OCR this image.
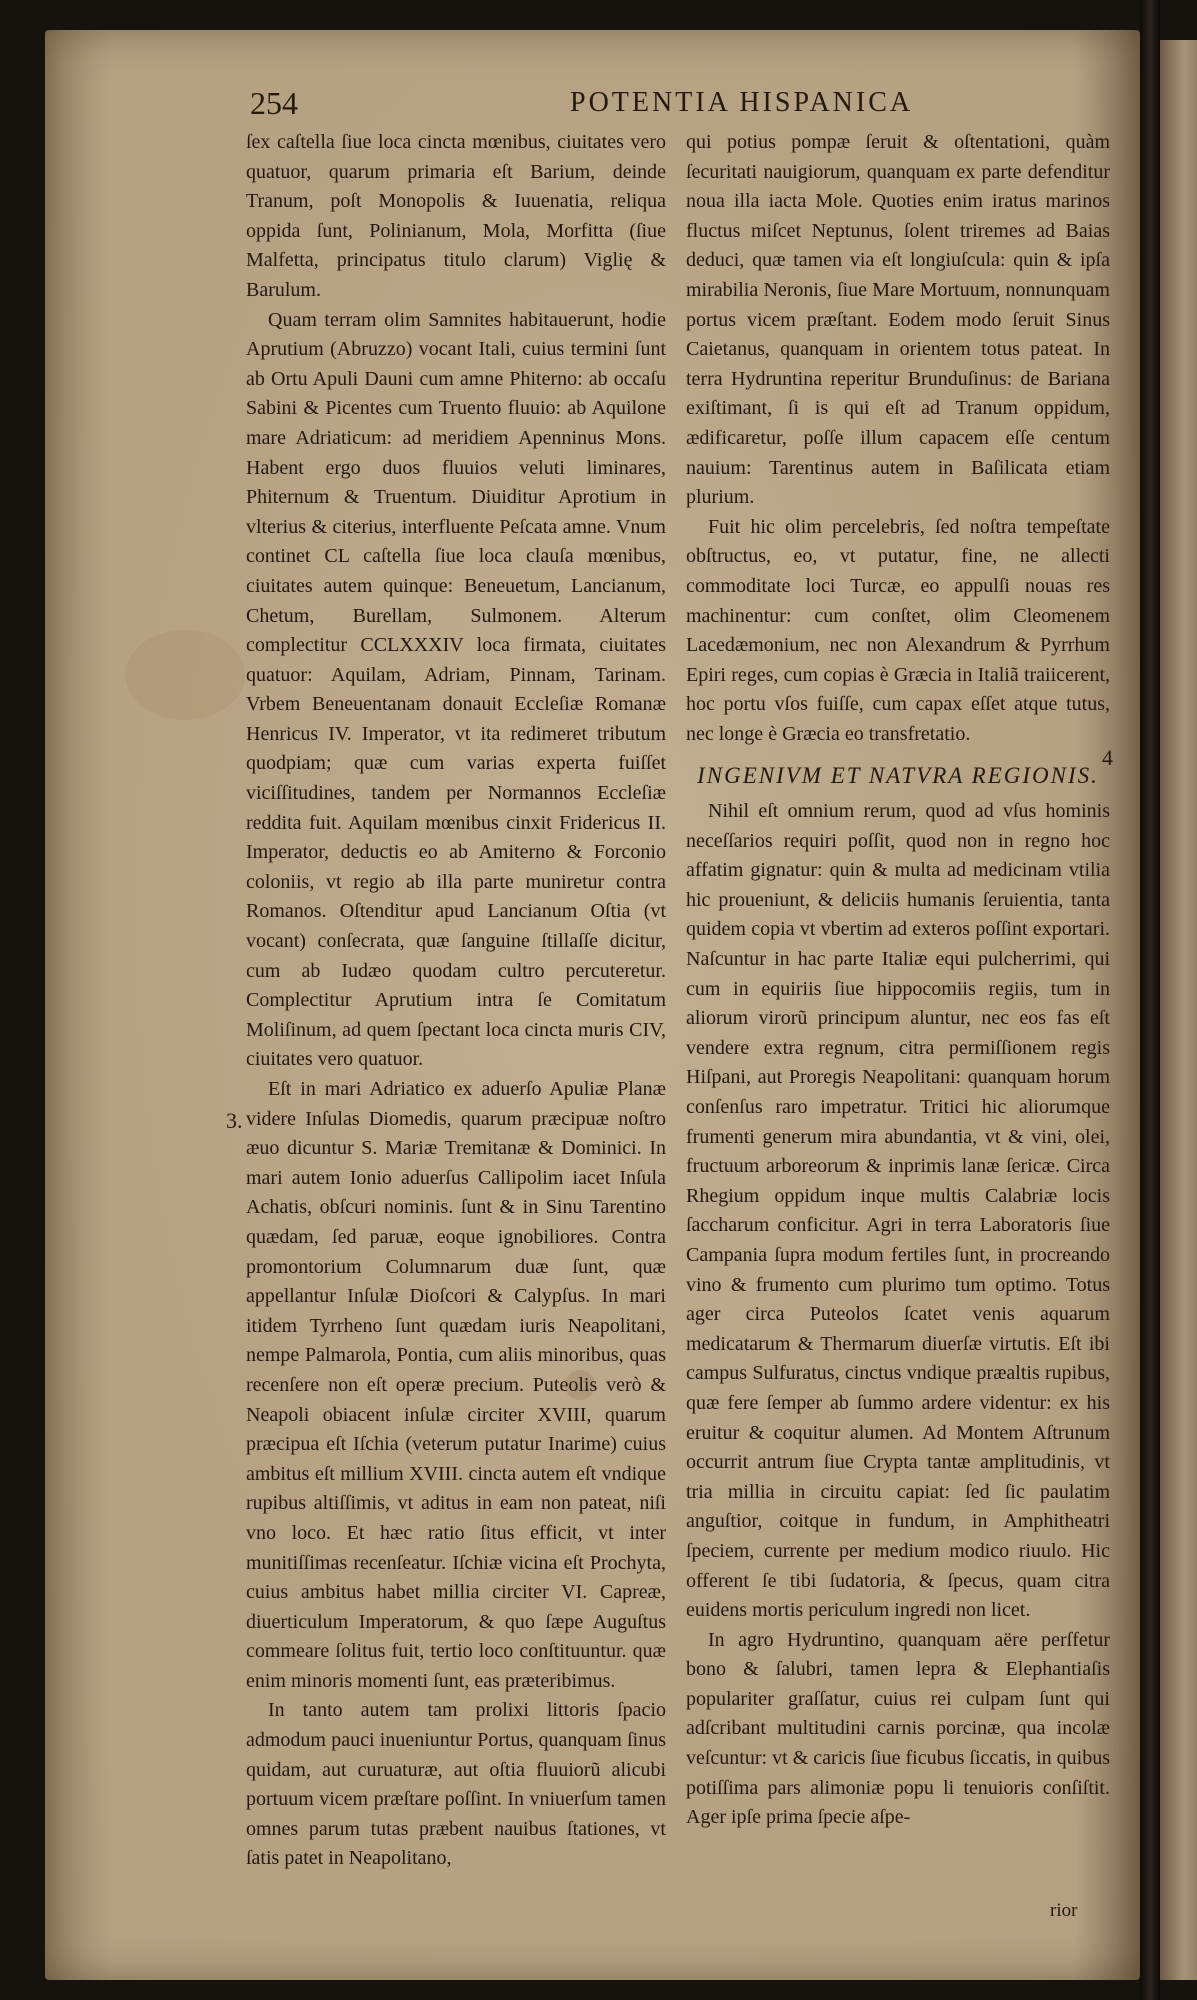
254	POTENTIA HISPANICA

ſex caſtella ſiue loca cincta mœnibus, ciuitates vero quatuor, quarum primaria eſt Barium, deinde Tranum, poſt Monopolis & Iuuenatia, reliqua oppida ſunt, Polinianum, Mola, Morfitta (ſiue Malfetta, principatus titulo clarum) Viglię & Barulum.

Quam terram olim Samnites habitauerunt, hodie Aprutium (Abruzzo) vocant Itali, cuius termini ſunt ab Ortu Apuli Dauni cum amne Phiterno: ab occaſu Sabini & Picentes cum Truento fluuio: ab Aquilone mare Adriaticum: ad meridiem Apenninus Mons. Habent ergo duos fluuios veluti liminares, Phiternum & Truentum. Diuiditur Aprotium in vlterius & citerius, interfluente Peſcata amne. Vnum continet CL caſtella ſiue loca clauſa mœnibus, ciuitates autem quinque: Beneuetum, Lancianum, Chetum, Burellam, Sulmonem. Alterum complectitur CCLXXXIV loca firmata, ciuitates quatuor: Aquilam, Adriam, Pinnam, Tarinam. Vrbem Beneuentanam donauit Eccleſiæ Romanæ Henricus IV. Imperator, vt ita redimeret tributum quodpiam; quæ cum varias experta fuiſſet viciſſitudines, tandem per Normannos Eccleſiæ reddita fuit. Aquilam mœnibus cinxit Fridericus II. Imperator, deductis eo ab Amiterno & Forconio coloniis, vt regio ab illa parte muniretur contra Romanos. Oſtenditur apud Lancianum Oſtia (vt vocant) conſecrata, quæ ſanguine ſtillaſſe dicitur, cum ab Iudæo quodam cultro percuteretur. Complectitur Aprutium intra ſe Comitatum Moliſinum, ad quem ſpectant loca cincta muris CIV, ciuitates vero quatuor.

Eſt in mari Adriatico ex aduerſo Apuliæ Planæ videre Inſulas Diomedis, quarum præcipuæ noſtro æuo dicuntur S. Mariæ Tremitanæ & Dominici. In mari autem Ionio aduerſus Callipolim iacet Inſula Achatis, obſcuri nominis. ſunt & in Sinu Tarentino quædam, ſed paruæ, eoque ignobiliores. Contra promontorium Columnarum duæ ſunt, quæ appellantur Inſulæ Dioſcori & Calypſus. In mari itidem Tyrrheno ſunt quædam iuris Neapolitani, nempe Palmarola, Pontia, cum aliis minoribus, quas recenſere non eſt operæ precium. Puteolis verò & Neapoli obiacent inſulæ circiter XVIII, quarum præcipua eſt Iſchia (veterum putatur Inarime) cuius ambitus eſt millium XVIII. cincta autem eſt vndique rupibus altiſſimis, vt aditus in eam non pateat, niſi vno loco. Et hæc ratio ſitus efficit, vt inter munitiſſimas recenſeatur. Iſchiæ vicina eſt Prochyta, cuius ambitus habet millia circiter VI. Capreæ, diuerticulum Imperatorum, & quo ſæpe Auguſtus commeare ſolitus fuit, tertio loco conſtituuntur. quæ enim minoris momenti ſunt, eas præteribimus.

In tanto autem tam prolixi littoris ſpacio admodum pauci inueniuntur Portus, quanquam ſinus quidam, aut curuaturæ, aut oſtia fluuiorũ alicubi portuum vicem præſtare poſſint. In vniuerſum tamen omnes parum tutas præbent nauibus ſtationes, vt ſatis patet in Neapolitano,

qui potius pompæ ſeruit & oſtentationi, quàm ſecuritati nauigiorum, quanquam ex parte defenditur noua illa iacta Mole. Quoties enim iratus marinos fluctus miſcet Neptunus, ſolent triremes ad Baias deduci, quæ tamen via eſt longiuſcula: quin & ipſa mirabilia Neronis, ſiue Mare Mortuum, nonnunquam portus vicem præſtant. Eodem modo ſeruit Sinus Caietanus, quanquam in orientem totus pateat. In terra Hydruntina reperitur Brunduſinus: de Bariana exiſtimant, ſi is qui eſt ad Tranum oppidum, ædificaretur, poſſe illum capacem eſſe centum nauium: Tarentinus autem in Baſilicata etiam plurium.

Fuit hic olim percelebris, ſed noſtra tempeſtate obſtructus, eo, vt putatur, fine, ne allecti commoditate loci Turcæ, eo appulſi nouas res machinentur: cum conſtet, olim Cleomenem Lacedæmonium, nec non Alexandrum & Pyrrhum Epiri reges, cum copias è Græcia in Italiã traiicerent, hoc portu vſos fuiſſe, cum capax eſſet atque tutus, nec longe è Græcia eo transfretatio.

INGENIVM ET NATVRA REGIONIS.

Nihil eſt omnium rerum, quod ad vſus hominis neceſſarios requiri poſſit, quod non in regno hoc affatim gignatur: quin & multa ad medicinam vtilia hic proueniunt, & deliciis humanis ſeruientia, tanta quidem copia vt vbertim ad exteros poſſint exportari. Naſcuntur in hac parte Italiæ equi pulcherrimi, qui cum in equiriis ſiue hippocomiis regiis, tum in aliorum virorũ principum aluntur, nec eos fas eſt vendere extra regnum, citra permiſſionem regis Hiſpani, aut Proregis Neapolitani: quanquam horum conſenſus raro impetratur. Tritici hic aliorumque frumenti generum mira abundantia, vt & vini, olei, fructuum arboreorum & inprimis lanæ ſericæ. Circa Rhegium oppidum inque multis Calabriæ locis ſaccharum conficitur. Agri in terra Laboratoris ſiue Campania ſupra modum fertiles ſunt, in procreando vino & frumento cum plurimo tum optimo. Totus ager circa Puteolos ſcatet venis aquarum medicatarum & Thermarum diuerſæ virtutis. Eſt ibi campus Sulfuratus, cinctus vndique præaltis rupibus, quæ fere ſemper ab ſummo ardere videntur: ex his eruitur & coquitur alumen. Ad Montem Aſtrunum occurrit antrum ſiue Crypta tantæ amplitudinis, vt tria millia in circuitu capiat: ſed ſic paulatim anguſtior, coitque in fundum, in Amphitheatri ſpeciem, currente per medium modico riuulo. Hic offerent ſe tibi ſudatoria, & ſpecus, quam citra euidens mortis periculum ingredi non licet.

In agro Hydruntino, quanquam aëre perſfetur bono & ſalubri, tamen lepra & Elephantiaſis populariter graſſatur, cuius rei culpam ſunt qui adſcribant multitudini carnis porcinæ, qua incolæ veſcuntur: vt & caricis ſiue ficubus ſiccatis, in quibus potiſſima pars alimoniæ popu li tenuioris conſiſtit. Ager ipſe prima ſpecie aſpe-

3.
4
rior
